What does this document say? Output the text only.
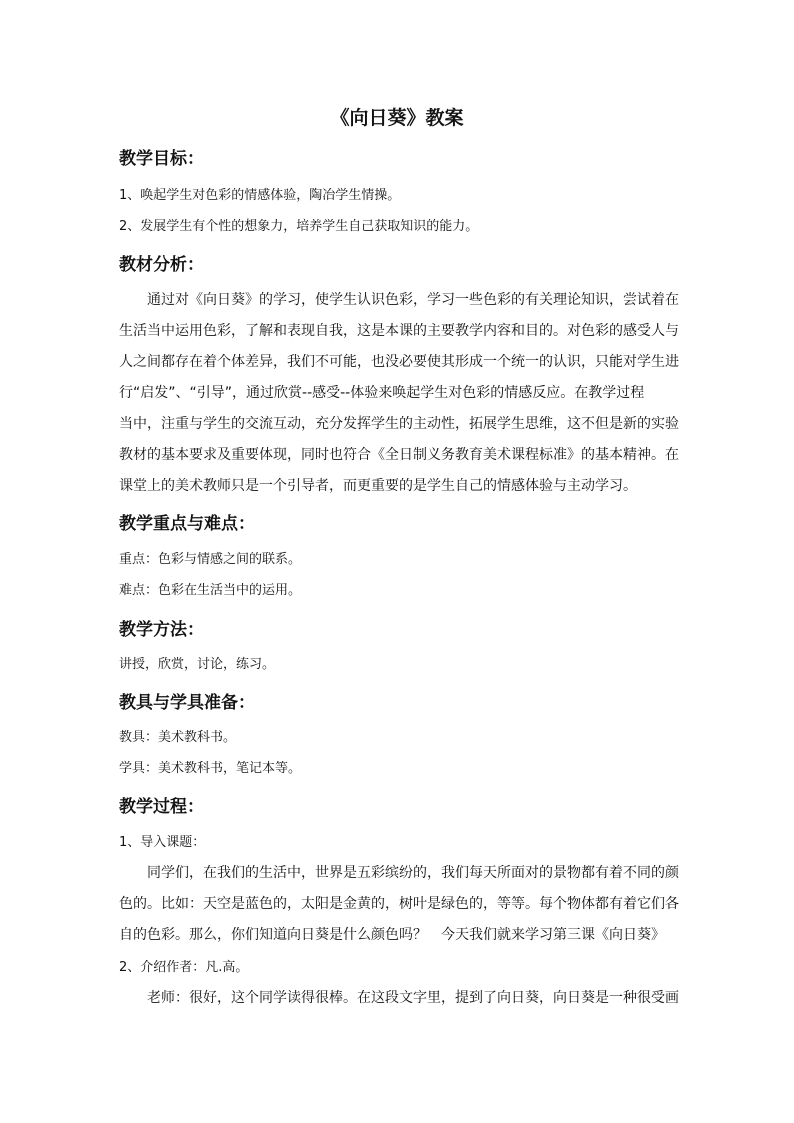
《向日葵》教案
教学目标：
1、唤起学生对色彩的情感体验，陶冶学生情操。
2、发展学生有个性的想象力，培养学生自己获取知识的能力。
教材分析：
通过对《向日葵》的学习，使学生认识色彩，学习一些色彩的有关理论知识，尝试着在
生活当中运用色彩，了解和表现自我，这是本课的主要教学内容和目的。对色彩的感受人与
人之间都存在着个体差异，我们不可能，也没必要使其形成一个统一的认识，只能对学生进
行“启发”、“引导”，通过欣赏--感受--体验来唤起学生对色彩的情感反应。在教学过程
当中，注重与学生的交流互动，充分发挥学生的主动性，拓展学生思维，这不但是新的实验
教材的基本要求及重要体现，同时也符合《全日制义务教育美术课程标准》的基本精神。在
课堂上的美术教师只是一个引导者，而更重要的是学生自己的情感体验与主动学习。
教学重点与难点：
重点：色彩与情感之间的联系。
难点：色彩在生活当中的运用。
教学方法：
讲授，欣赏，讨论，练习。
教具与学具准备：
教具：美术教科书。
学具：美术教科书，笔记本等。
教学过程：
1、导入课题：
同学们，在我们的生活中，世界是五彩缤纷的，我们每天所面对的景物都有着不同的颜
色的。比如：天空是蓝色的，太阳是金黄的，树叶是绿色的，等等。每个物体都有着它们各
自的色彩。那么，你们知道向日葵是什么颜色吗？　今天我们就来学习第三课《向日葵》
2、介绍作者：凡.高。
老师：很好，这个同学读得很棒。在这段文字里，提到了向日葵，向日葵是一种很受画
